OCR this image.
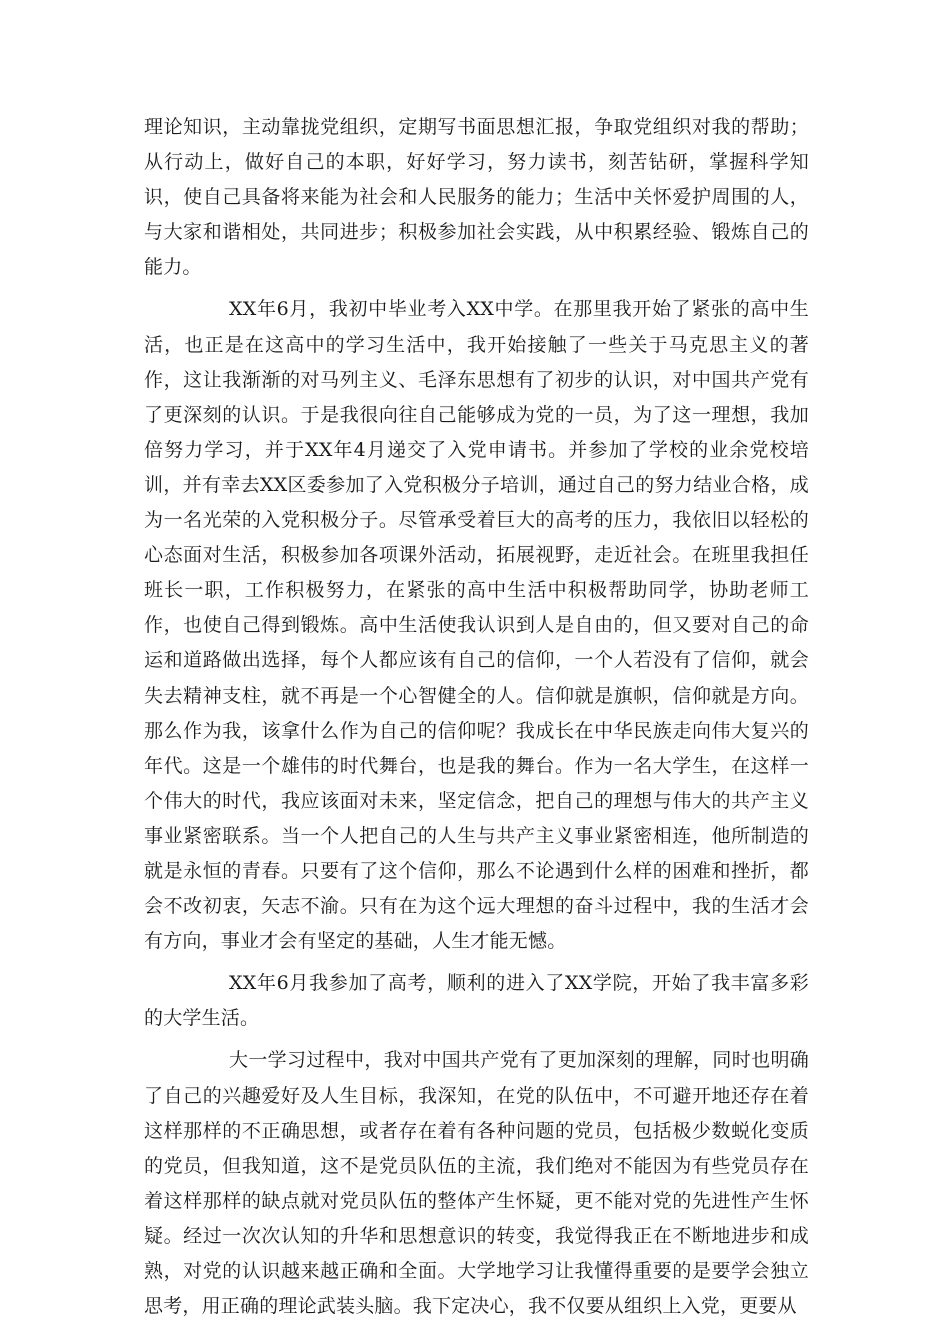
理论知识，主动靠拢党组织，定期写书面思想汇报，争取党组织对我的帮助；从行动上，做好自己的本职，好好学习，努力读书，刻苦钻研，掌握科学知识，使自己具备将来能为社会和人民服务的能力；生活中关怀爱护周围的人，与大家和谐相处，共同进步；积极参加社会实践，从中积累经验、锻炼自己的能力。

XX年6月，我初中毕业考入XX中学。在那里我开始了紧张的高中生活，也正是在这高中的学习生活中，我开始接触了一些关于马克思主义的著作，这让我渐渐的对马列主义、毛泽东思想有了初步的认识，对中国共产党有了更深刻的认识。于是我很向往自己能够成为党的一员，为了这一理想，我加倍努力学习，并于XX年4月递交了入党申请书。并参加了学校的业余党校培训，并有幸去XX区委参加了入党积极分子培训，通过自己的努力结业合格，成为一名光荣的入党积极分子。尽管承受着巨大的高考的压力，我依旧以轻松的心态面对生活，积极参加各项课外活动，拓展视野，走近社会。在班里我担任班长一职，工作积极努力，在紧张的高中生活中积极帮助同学，协助老师工作，也使自己得到锻炼。高中生活使我认识到人是自由的，但又要对自己的命运和道路做出选择，每个人都应该有自己的信仰，一个人若没有了信仰，就会失去精神支柱，就不再是一个心智健全的人。信仰就是旗帜，信仰就是方向。那么作为我，该拿什么作为自己的信仰呢？我成长在中华民族走向伟大复兴的年代。这是一个雄伟的时代舞台，也是我的舞台。作为一名大学生，在这样一个伟大的时代，我应该面对未来，坚定信念，把自己的理想与伟大的共产主义事业紧密联系。当一个人把自己的人生与共产主义事业紧密相连，他所制造的就是永恒的青春。只要有了这个信仰，那么不论遇到什么样的困难和挫折，都会不改初衷，矢志不渝。只有在为这个远大理想的奋斗过程中，我的生活才会有方向，事业才会有坚定的基础，人生才能无憾。

XX年6月我参加了高考，顺利的进入了XX学院，开始了我丰富多彩的大学生活。

大一学习过程中，我对中国共产党有了更加深刻的理解，同时也明确了自己的兴趣爱好及人生目标，我深知，在党的队伍中，不可避开地还存在着这样那样的不正确思想，或者存在着有各种问题的党员，包括极少数蜕化变质的党员，但我知道，这不是党员队伍的主流，我们绝对不能因为有些党员存在着这样那样的缺点就对党员队伍的整体产生怀疑，更不能对党的先进性产生怀疑。经过一次次认知的升华和思想意识的转变，我觉得我正在不断地进步和成熟，对党的认识越来越正确和全面。大学地学习让我懂得重要的是要学会独立思考，用正确的理论武装头脑。我下定决心，我不仅要从组织上入党，更要从
